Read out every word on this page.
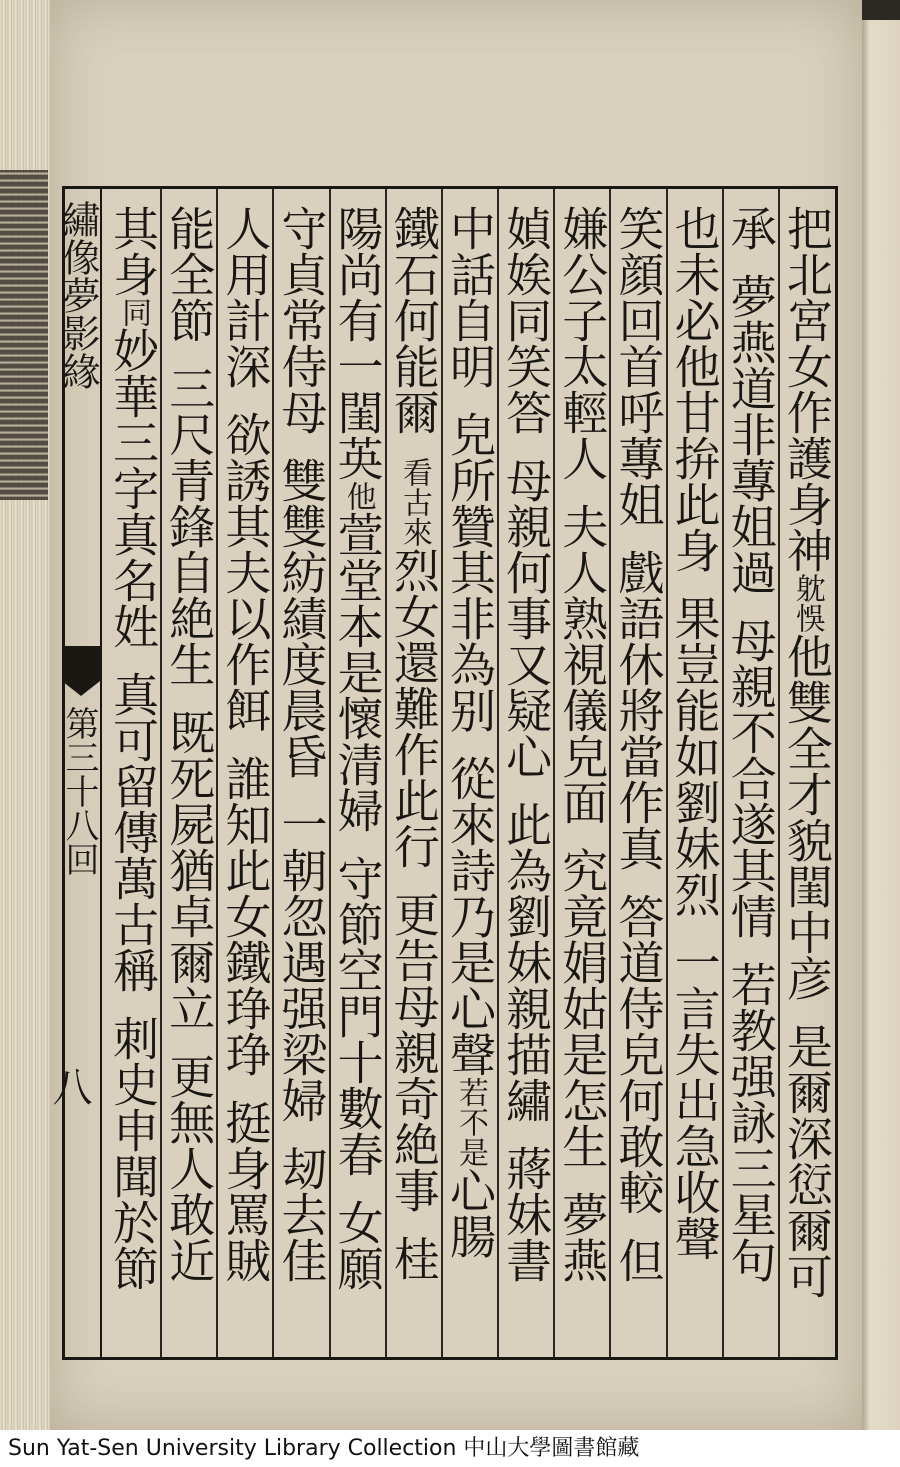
把北宮女作護身神
躭悞
他雙全才貌閨中彦
是爾深愆爾可
承
夢燕道非蓴姐過
母親不合遂其情
若教强詠三星句
也未必他甘拚此身
果豈能如劉妹烈
一言失出急收聲
笑顔回首呼蓴姐
戲語休將當作真
答道侍皃何敢較
但
嫌公子太輕人
夫人熟視儀皃面
究竟娟姑是怎生
夢燕
媜娭同笑答
母親何事又疑心
此為劉妹親描繡
蔣妹書
中話自明
皃所贊其非為别
從來詩乃是心聲
若不是
心腸
鐵石何能爾
看古來
烈女還難作此行
更告母親奇絶事
桂
陽尚有一閨英
他
萱堂本是懷清婦
守節空門十數春
女願
守貞常侍母
雙雙紡績度晨昏
一朝忽遇强梁婦
刼去佳
人用計深
欲誘其夫以作餌
誰知此女鐵琤琤
挺身罵賊
能全節
三尺青鋒自絶生
既死屍猶卓爾立
更無人敢近
其身
同
妙華三字真名姓
真可留傳萬古稱
刺史申聞於節
繡像夢影緣
第三十八回
八
Sun Yat-Sen University Library Collection 中山大學圖書館藏
